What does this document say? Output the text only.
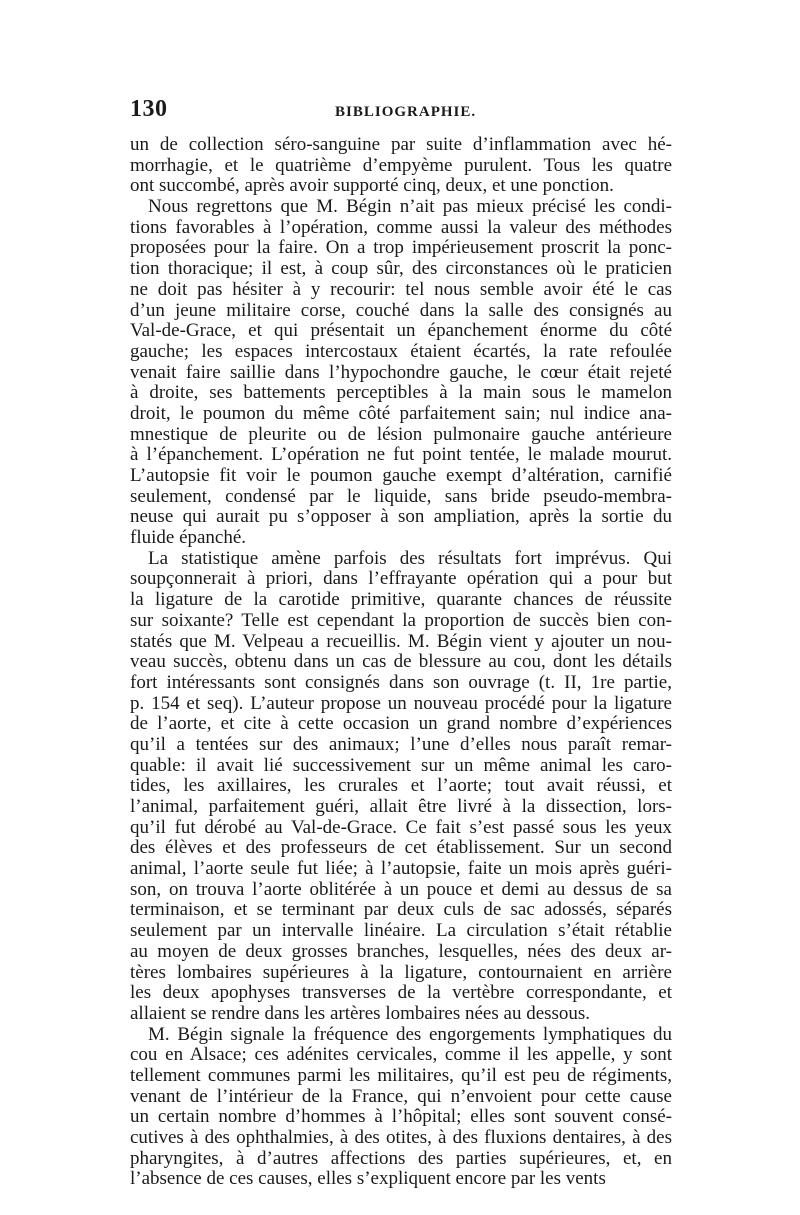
130	BIBLIOGRAPHIE.
un de collection séro-sanguine par suite d’inflammation avec hé-
morrhagie, et le quatrième d’empyème purulent. Tous les quatre
ont succombé, après avoir supporté cinq, deux, et une ponction.
Nous regrettons que M. Bégin n’ait pas mieux précisé les condi-
tions favorables à l’opération, comme aussi la valeur des méthodes
proposées pour la faire. On a trop impérieusement proscrit la ponc-
tion thoracique; il est, à coup sûr, des circonstances où le praticien
ne doit pas hésiter à y recourir: tel nous semble avoir été le cas
d’un jeune militaire corse, couché dans la salle des consignés au
Val-de-Grace, et qui présentait un épanchement énorme du côté
gauche; les espaces intercostaux étaient écartés, la rate refoulée
venait faire saillie dans l’hypochondre gauche, le cœur était rejeté
à droite, ses battements perceptibles à la main sous le mamelon
droit, le poumon du même côté parfaitement sain; nul indice ana-
mnestique de pleurite ou de lésion pulmonaire gauche antérieure
à l’épanchement. L’opération ne fut point tentée, le malade mourut.
L’autopsie fit voir le poumon gauche exempt d’altération, carnifié
seulement, condensé par le liquide, sans bride pseudo-membra-
neuse qui aurait pu s’opposer à son ampliation, après la sortie du
fluide épanché.
La statistique amène parfois des résultats fort imprévus. Qui
soupçonnerait à priori, dans l’effrayante opération qui a pour but
la ligature de la carotide primitive, quarante chances de réussite
sur soixante? Telle est cependant la proportion de succès bien con-
statés que M. Velpeau a recueillis. M. Bégin vient y ajouter un nou-
veau succès, obtenu dans un cas de blessure au cou, dont les détails
fort intéressants sont consignés dans son ouvrage (t. II, 1re partie,
p. 154 et seq). L’auteur propose un nouveau procédé pour la ligature
de l’aorte, et cite à cette occasion un grand nombre d’expériences
qu’il a tentées sur des animaux; l’une d’elles nous paraît remar-
quable: il avait lié successivement sur un même animal les caro-
tides, les axillaires, les crurales et l’aorte; tout avait réussi, et
l’animal, parfaitement guéri, allait être livré à la dissection, lors-
qu’il fut dérobé au Val-de-Grace. Ce fait s’est passé sous les yeux
des élèves et des professeurs de cet établissement. Sur un second
animal, l’aorte seule fut liée; à l’autopsie, faite un mois après guéri-
son, on trouva l’aorte oblitérée à un pouce et demi au dessus de sa
terminaison, et se terminant par deux culs de sac adossés, séparés
seulement par un intervalle linéaire. La circulation s’était rétablie
au moyen de deux grosses branches, lesquelles, nées des deux ar-
tères lombaires supérieures à la ligature, contournaient en arrière
les deux apophyses transverses de la vertèbre correspondante, et
allaient se rendre dans les artères lombaires nées au dessous.
M. Bégin signale la fréquence des engorgements lymphatiques du
cou en Alsace; ces adénites cervicales, comme il les appelle, y sont
tellement communes parmi les militaires, qu’il est peu de régiments,
venant de l’intérieur de la France, qui n’envoient pour cette cause
un certain nombre d’hommes à l’hôpital; elles sont souvent consé-
cutives à des ophthalmies, à des otites, à des fluxions dentaires, à des
pharyngites, à d’autres affections des parties supérieures, et, en
l’absence de ces causes, elles s’expliquent encore par les vents
